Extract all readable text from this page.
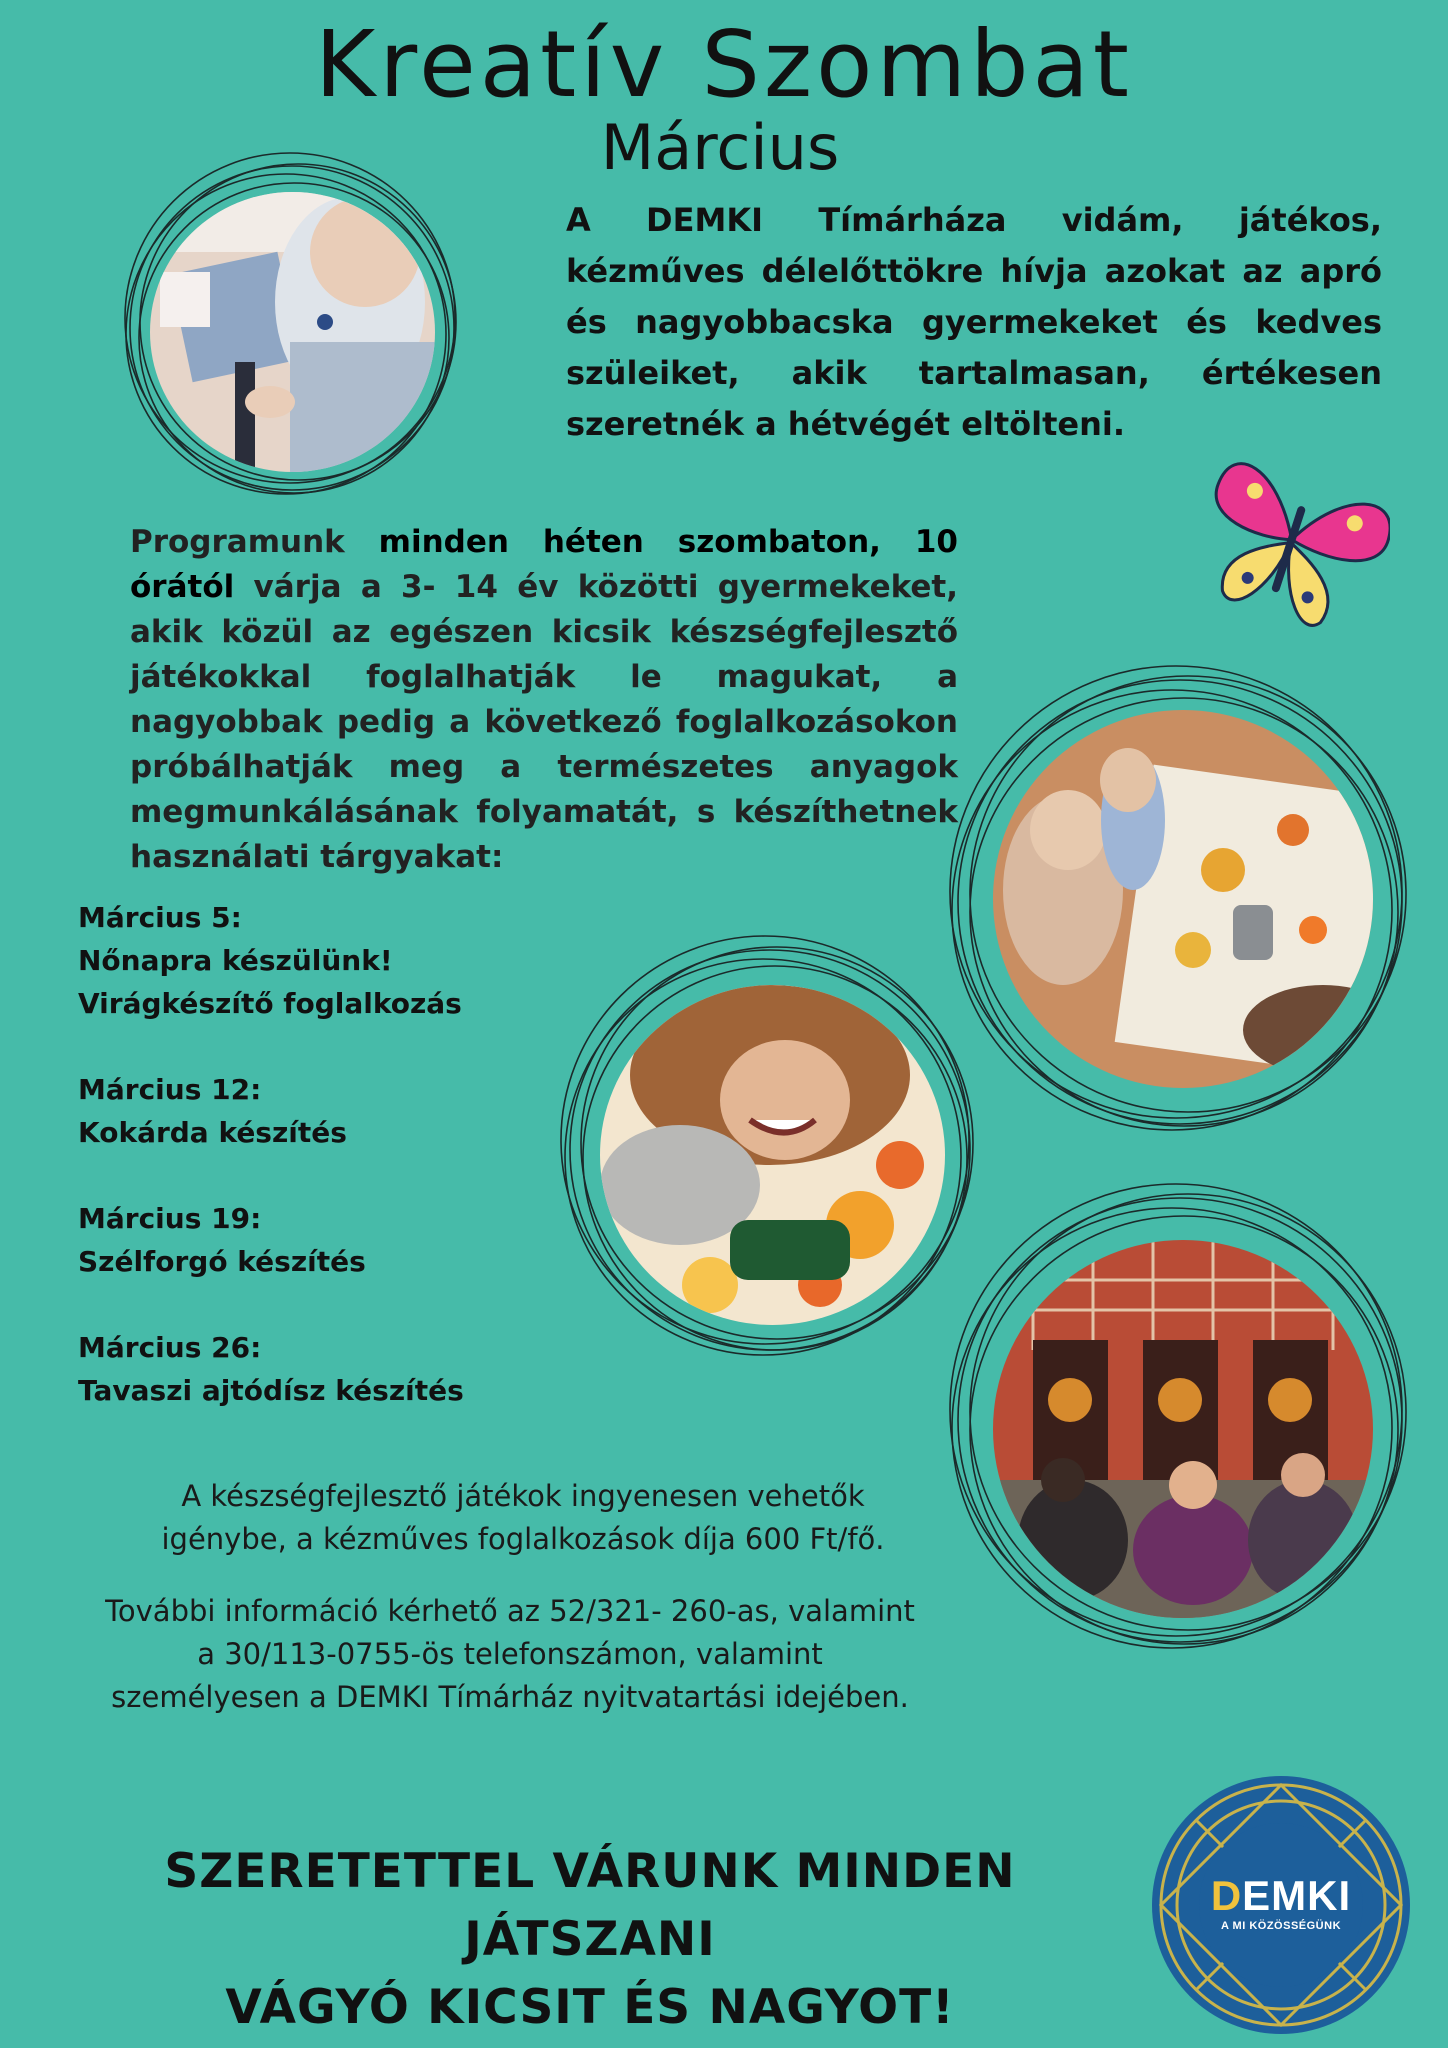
Kreatív Szombat
Március
A DEMKI Tímárháza vidám, játékos, kézműves délelőttökre hívja azokat az apró és nagyobbacska gyermekeket és kedves szüleiket, akik tartalmasan, értékesen szeretnék a hétvégét eltölteni.
Programunk minden héten szombaton, 10 órától várja a 3- 14 év közötti gyermekeket, akik közül az egészen kicsik készségfejlesztő játékokkal foglalhatják le magukat, a nagyobbak pedig a következő foglalkozásokon próbálhatják meg a természetes anyagok megmunkálásának folyamatát, s készíthetnek használati tárgyakat:
Március 5:
Nőnapra készülünk!
Virágkészítő foglalkozás
Március 12:
Kokárda készítés
Március 19:
Szélforgó készítés
Március 26:
Tavaszi ajtódísz készítés
A készségfejlesztő játékok ingyenesen vehetők igénybe, a kézműves foglalkozások díja 600 Ft/fő.
További információ kérhető az 52/321- 260-as, valamint a 30/113-0755-ös telefonszámon, valamint személyesen a DEMKI Tímárház nyitvatartási idejében.
SZERETETTEL VÁRUNK MINDEN JÁTSZANI
VÁGYÓ KICSIT ÉS NAGYOT!
DEMKI
A MI KÖZÖSSÉGÜNK
